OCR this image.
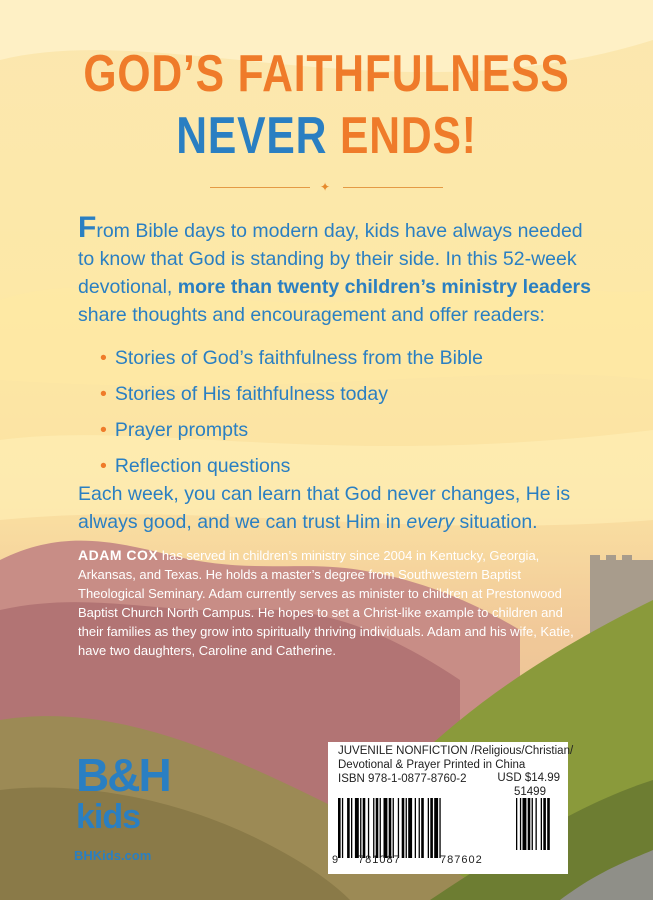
GOD’S FAITHFULNESS
NEVER ENDS!
✦
From Bible days to modern day, kids have always needed to know that God is standing by their side. In this 52-week devotional, more than twenty children’s ministry leaders share thoughts and encouragement and offer readers:
• Stories of God’s faithfulness from the Bible
• Stories of His faithfulness today
• Prayer prompts
• Reflection questions
Each week, you can learn that God never changes, He is always good, and we can trust Him in every situation.
ADAM COX has served in children’s ministry since 2004 in Kentucky, Georgia, Arkansas, and Texas. He holds a master’s degree from Southwestern Baptist Theological Seminary. Adam currently serves as minister to children at Prestonwood Baptist Church North Campus. He hopes to set a Christ-like example to children and their families as they grow into spiritually thriving individuals. Adam and his wife, Katie, have two daughters, Caroline and Catherine.
B&H
kids
BHKids.com
JUVENILE NONFICTION /Religious/Christian/
Devotional & Prayer Printed in China
ISBN 978-1-0877-8760-2	USD $14.99
51499
9 781087	787602
